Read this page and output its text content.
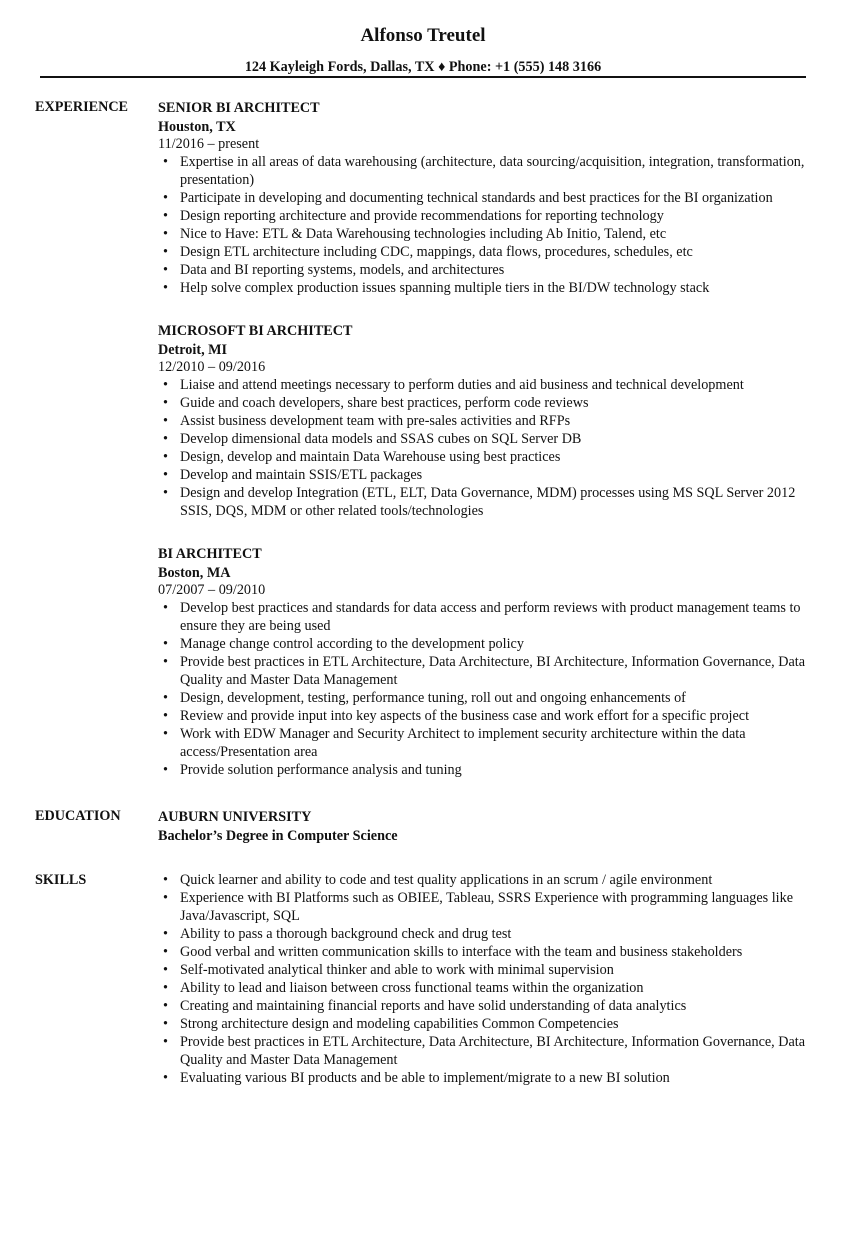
Alfonso Treutel
124 Kayleigh Fords, Dallas, TX ♦ Phone: +1 (555) 148 3166
EXPERIENCE	SENIOR BI ARCHITECT
Houston, TX
11/2016 – present
• Expertise in all areas of data warehousing (architecture, data sourcing/acquisition, integration, transformation, presentation)
• Participate in developing and documenting technical standards and best practices for the BI organization
• Design reporting architecture and provide recommendations for reporting technology
• Nice to Have: ETL & Data Warehousing technologies including Ab Initio, Talend, etc
• Design ETL architecture including CDC, mappings, data flows, procedures, schedules, etc
• Data and BI reporting systems, models, and architectures
• Help solve complex production issues spanning multiple tiers in the BI/DW technology stack
MICROSOFT BI ARCHITECT
Detroit, MI
12/2010 – 09/2016
• Liaise and attend meetings necessary to perform duties and aid business and technical development
• Guide and coach developers, share best practices, perform code reviews
• Assist business development team with pre-sales activities and RFPs
• Develop dimensional data models and SSAS cubes on SQL Server DB
• Design, develop and maintain Data Warehouse using best practices
• Develop and maintain SSIS/ETL packages
• Design and develop Integration (ETL, ELT, Data Governance, MDM) processes using MS SQL Server 2012 SSIS, DQS, MDM or other related tools/technologies
BI ARCHITECT
Boston, MA
07/2007 – 09/2010
• Develop best practices and standards for data access and perform reviews with product management teams to ensure they are being used
• Manage change control according to the development policy
• Provide best practices in ETL Architecture, Data Architecture, BI Architecture, Information Governance, Data Quality and Master Data Management
• Design, development, testing, performance tuning, roll out and ongoing enhancements of
• Review and provide input into key aspects of the business case and work effort for a specific project
• Work with EDW Manager and Security Architect to implement security architecture within the data access/Presentation area
• Provide solution performance analysis and tuning
EDUCATION	AUBURN UNIVERSITY
Bachelor’s Degree in Computer Science
SKILLS	• Quick learner and ability to code and test quality applications in an scrum / agile environment
• Experience with BI Platforms such as OBIEE, Tableau, SSRS Experience with programming languages like Java/Javascript, SQL
• Ability to pass a thorough background check and drug test
• Good verbal and written communication skills to interface with the team and business stakeholders
• Self-motivated analytical thinker and able to work with minimal supervision
• Ability to lead and liaison between cross functional teams within the organization
• Creating and maintaining financial reports and have solid understanding of data analytics
• Strong architecture design and modeling capabilities Common Competencies
• Provide best practices in ETL Architecture, Data Architecture, BI Architecture, Information Governance, Data Quality and Master Data Management
• Evaluating various BI products and be able to implement/migrate to a new BI solution
